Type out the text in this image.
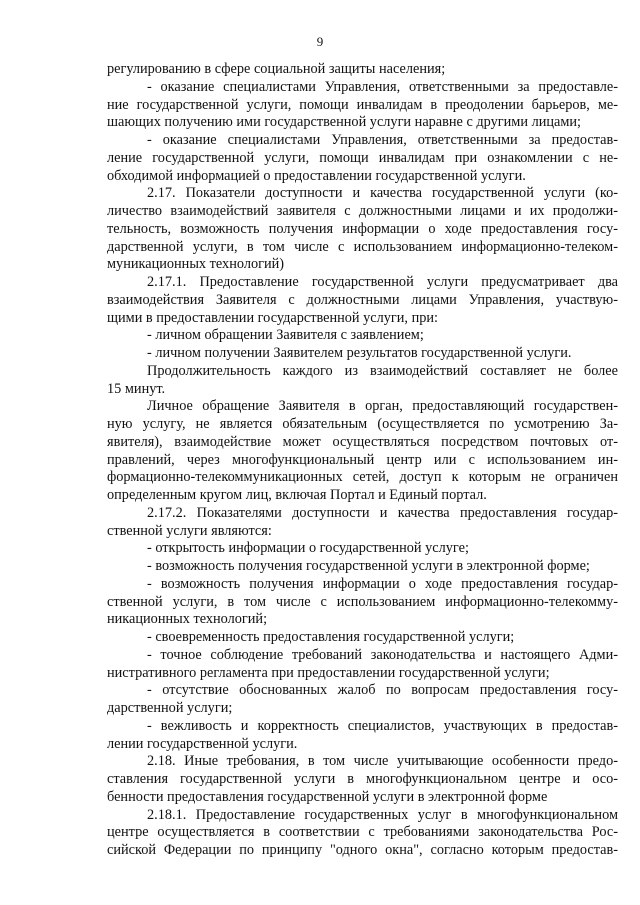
9
регулированию в сфере социальной защиты населения;
- оказание специалистами Управления, ответственными за предоставле-
ние государственной услуги, помощи инвалидам в преодолении барьеров, ме-
шающих получению ими государственной услуги наравне с другими лицами;
- оказание специалистами Управления, ответственными за предостав-
ление государственной услуги, помощи инвалидам при ознакомлении с не-
обходимой информацией о предоставлении государственной услуги.
2.17. Показатели доступности и качества государственной услуги (ко-
личество взаимодействий заявителя с должностными лицами и их продолжи-
тельность, возможность получения информации о ходе предоставления госу-
дарственной услуги, в том числе с использованием информационно-телеком-
муникационных технологий)
2.17.1. Предоставление государственной услуги предусматривает два
взаимодействия Заявителя с должностными лицами Управления, участвую-
щими в предоставлении государственной услуги, при:
- личном обращении Заявителя с заявлением;
- личном получении Заявителем результатов государственной услуги.
Продолжительность каждого из взаимодействий составляет не более
15 минут.
Личное обращение Заявителя в орган, предоставляющий государствен-
ную услугу, не является обязательным (осуществляется по усмотрению За-
явителя), взаимодействие может осуществляться посредством почтовых от-
правлений, через многофункциональный центр или с использованием ин-
формационно-телекоммуникационных сетей, доступ к которым не ограничен
определенным кругом лиц, включая Портал и Единый портал.
2.17.2. Показателями доступности и качества предоставления государ-
ственной услуги являются:
- открытость информации о государственной услуге;
- возможность получения государственной услуги в электронной форме;
- возможность получения информации о ходе предоставления государ-
ственной услуги, в том числе с использованием информационно-телекомму-
никационных технологий;
- своевременность предоставления государственной услуги;
- точное соблюдение требований законодательства и настоящего Адми-
нистративного регламента при предоставлении государственной услуги;
- отсутствие обоснованных жалоб по вопросам предоставления госу-
дарственной услуги;
- вежливость и корректность специалистов, участвующих в предостав-
лении государственной услуги.
2.18. Иные требования, в том числе учитывающие особенности предо-
ставления государственной услуги в многофункциональном центре и осо-
бенности предоставления государственной услуги в электронной форме
2.18.1. Предоставление государственных услуг в многофункциональном
центре осуществляется в соответствии с требованиями законодательства Рос-
сийской Федерации по принципу "одного окна", согласно которым предостав-
